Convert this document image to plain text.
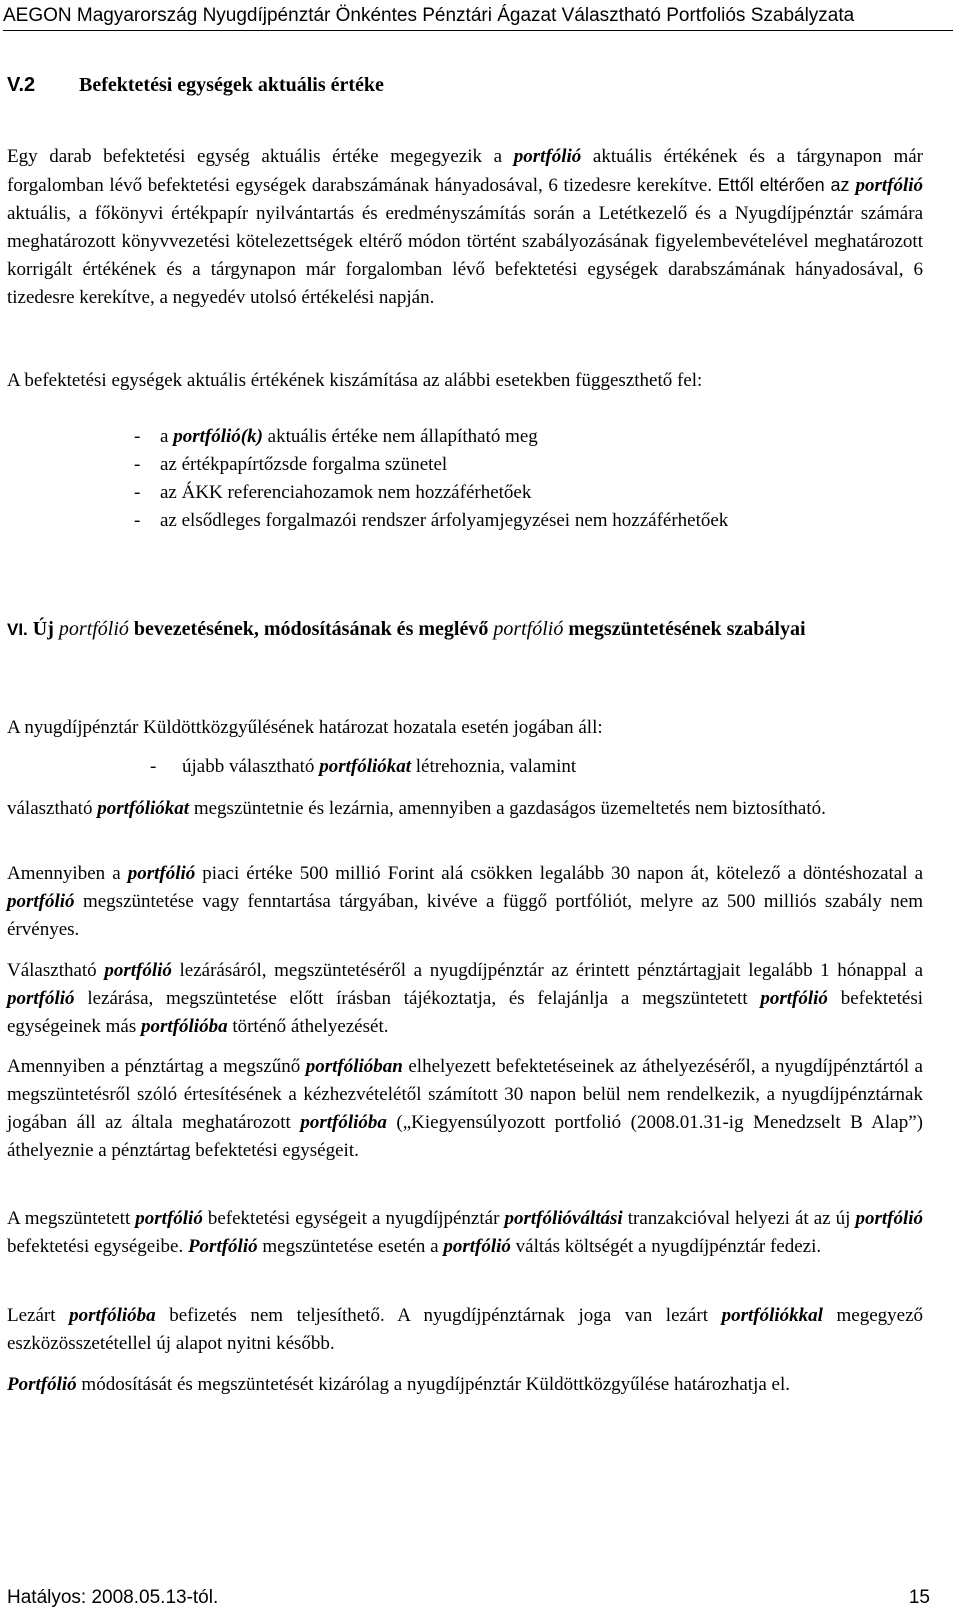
AEGON Magyarország Nyugdíjpénztár Önkéntes Pénztári Ágazat Választható Portfoliós Szabályzata
V.2 Befektetési egységek aktuális értéke
Egy darab befektetési egység aktuális értéke megegyezik a portfólió aktuális értékének és a tárgynapon már forgalomban lévő befektetési egységek darabszámának hányadosával, 6 tizedesre kerekítve. Ettől eltérően az portfólió aktuális, a főkönyvi értékpapír nyilvántartás és eredményszámítás során a Letétkezelő és a Nyugdíjpénztár számára meghatározott könyvvezetési kötelezettségek eltérő módon történt szabályozásának figyelembevételével meghatározott korrigált értékének és a tárgynapon már forgalomban lévő befektetési egységek darabszámának hányadosával, 6 tizedesre kerekítve, a negyedév utolsó értékelési napján.
A befektetési egységek aktuális értékének kiszámítása az alábbi esetekben függeszthető fel:
- a portfólió(k) aktuális értéke nem állapítható meg
- az értékpapírtőzsde forgalma szünetel
- az ÁKK referenciahozamok nem hozzáférhetőek
- az elsődleges forgalmazói rendszer árfolyamjegyzései nem hozzáférhetőek
VI. Új portfólió bevezetésének, módosításának és meglévő portfólió megszüntetésének szabályai
A nyugdíjpénztár Küldöttközgyűlésének határozat hozatala esetén jogában áll:
- újabb választható portfóliókat létrehoznia, valamint
választható portfóliókat megszüntetnie és lezárnia, amennyiben a gazdaságos üzemeltetés nem biztosítható.
Amennyiben a portfólió piaci értéke 500 millió Forint alá csökken legalább 30 napon át, kötelező a döntéshozatal a portfólió megszüntetése vagy fenntartása tárgyában, kivéve a függő portfóliót, melyre az 500 milliós szabály nem érvényes.
Választható portfólió lezárásáról, megszüntetéséről a nyugdíjpénztár az érintett pénztártagjait legalább 1 hónappal a portfólió lezárása, megszüntetése előtt írásban tájékoztatja, és felajánlja a megszüntetett portfólió befektetési egységeinek más portfólióba történő áthelyezését.
Amennyiben a pénztártag a megszűnő portfólióban elhelyezett befektetéseinek az áthelyezéséről, a nyugdíjpénztártól a megszüntetésről szóló értesítésének a kézhezvételétől számított 30 napon belül nem rendelkezik, a nyugdíjpénztárnak jogában áll az általa meghatározott portfólióba („Kiegyensúlyozott portfolió (2008.01.31-ig Menedzselt B Alap”) áthelyeznie a pénztártag befektetési egységeit.
A megszüntetett portfólió befektetési egységeit a nyugdíjpénztár portfólióváltási tranzakcióval helyezi át az új portfólió befektetési egységeibe. Portfólió megszüntetése esetén a portfólió váltás költségét a nyugdíjpénztár fedezi.
Lezárt portfólióba befizetés nem teljesíthető. A nyugdíjpénztárnak joga van lezárt portfóliókkal megegyező eszközösszetétellel új alapot nyitni később.
Portfólió módosítását és megszüntetését kizárólag a nyugdíjpénztár Küldöttközgyűlése határozhatja el.
Hatályos: 2008.05.13-tól.	15
